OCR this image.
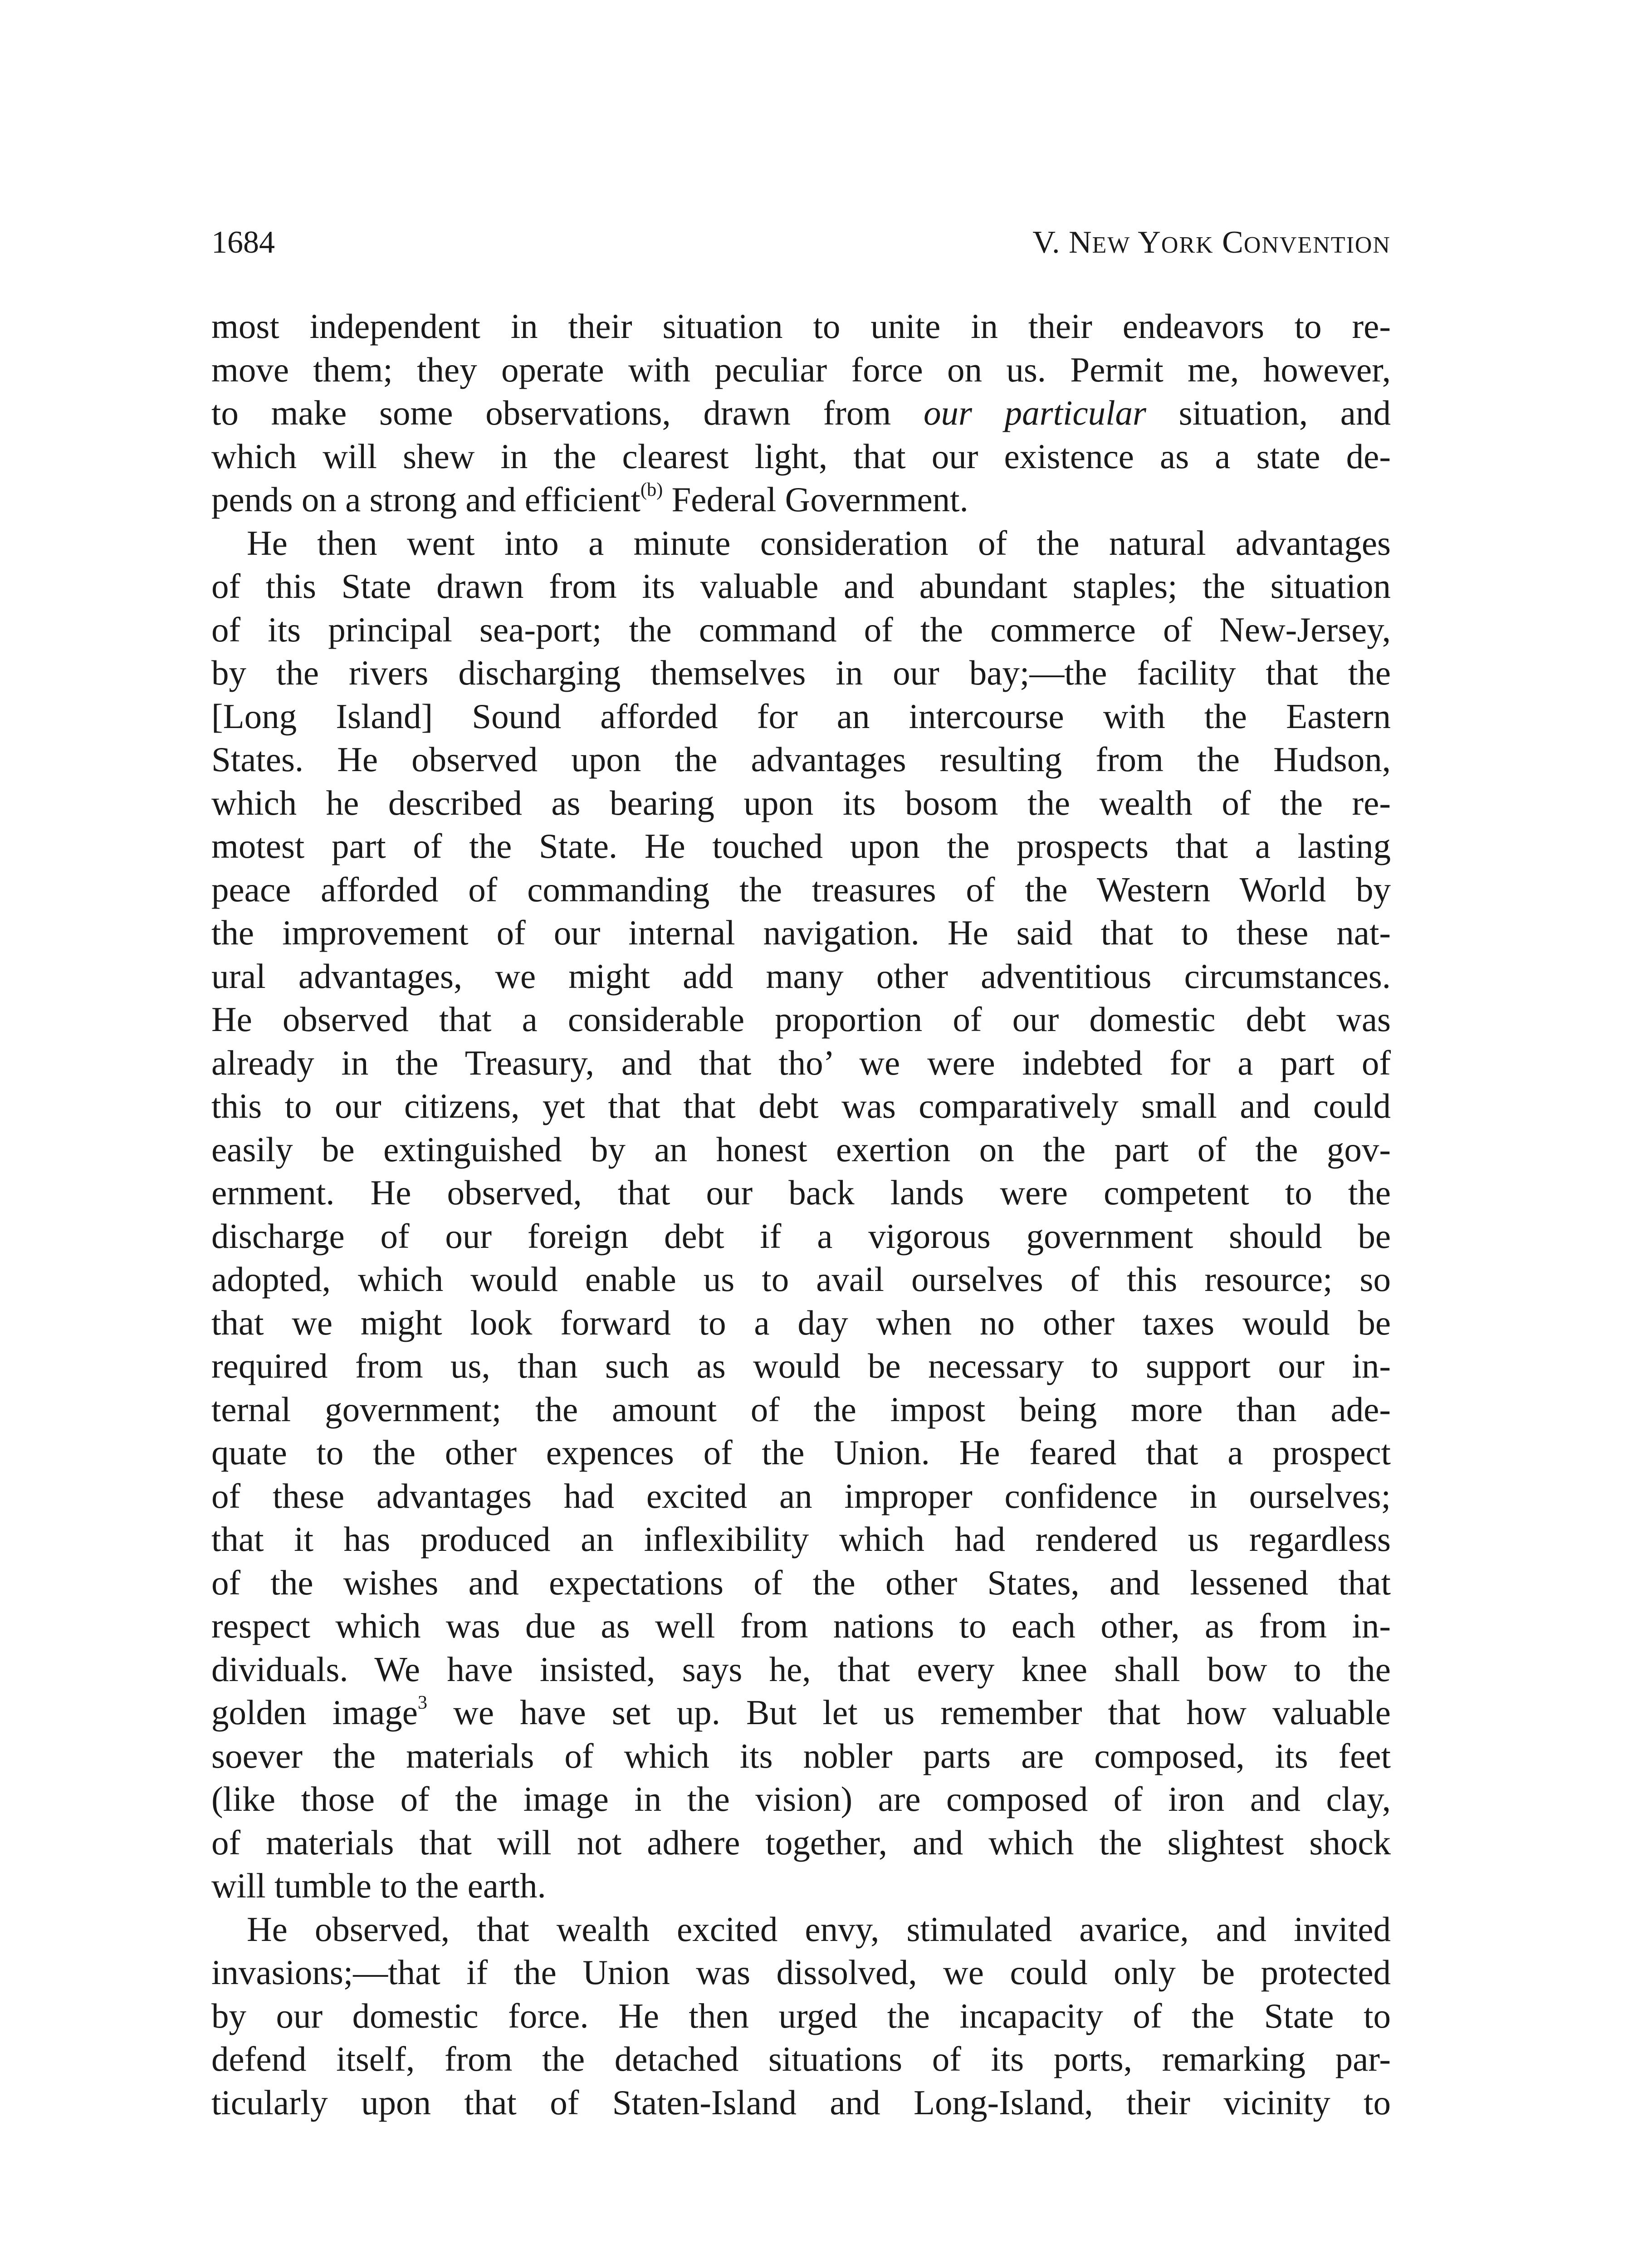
1684	V. NEW YORK CONVENTION
most independent in their situation to unite in their endeavors to re-
move them; they operate with peculiar force on us. Permit me, however,
to make some observations, drawn from our particular situation, and
which will shew in the clearest light, that our existence as a state de-
pends on a strong and efficient$^{(b)}$ Federal Government.
He then went into a minute consideration of the natural advantages
of this State drawn from its valuable and abundant staples; the situation
of its principal sea-port; the command of the commerce of New-Jersey,
by the rivers discharging themselves in our bay;—the facility that the
[Long Island] Sound afforded for an intercourse with the Eastern
States. He observed upon the advantages resulting from the Hudson,
which he described as bearing upon its bosom the wealth of the re-
motest part of the State. He touched upon the prospects that a lasting
peace afforded of commanding the treasures of the Western World by
the improvement of our internal navigation. He said that to these nat-
ural advantages, we might add many other adventitious circumstances.
He observed that a considerable proportion of our domestic debt was
already in the Treasury, and that tho’ we were indebted for a part of
this to our citizens, yet that that debt was comparatively small and could
easily be extinguished by an honest exertion on the part of the gov-
ernment. He observed, that our back lands were competent to the
discharge of our foreign debt if a vigorous government should be
adopted, which would enable us to avail ourselves of this resource; so
that we might look forward to a day when no other taxes would be
required from us, than such as would be necessary to support our in-
ternal government; the amount of the impost being more than ade-
quate to the other expences of the Union. He feared that a prospect
of these advantages had excited an improper confidence in ourselves;
that it has produced an inflexibility which had rendered us regardless
of the wishes and expectations of the other States, and lessened that
respect which was due as well from nations to each other, as from in-
dividuals. We have insisted, says he, that every knee shall bow to the
golden image$^3$ we have set up. But let us remember that how valuable
soever the materials of which its nobler parts are composed, its feet
(like those of the image in the vision) are composed of iron and clay,
of materials that will not adhere together, and which the slightest shock
will tumble to the earth.
He observed, that wealth excited envy, stimulated avarice, and invited
invasions;—that if the Union was dissolved, we could only be protected
by our domestic force. He then urged the incapacity of the State to
defend itself, from the detached situations of its ports, remarking par-
ticularly upon that of Staten-Island and Long-Island, their vicinity to
